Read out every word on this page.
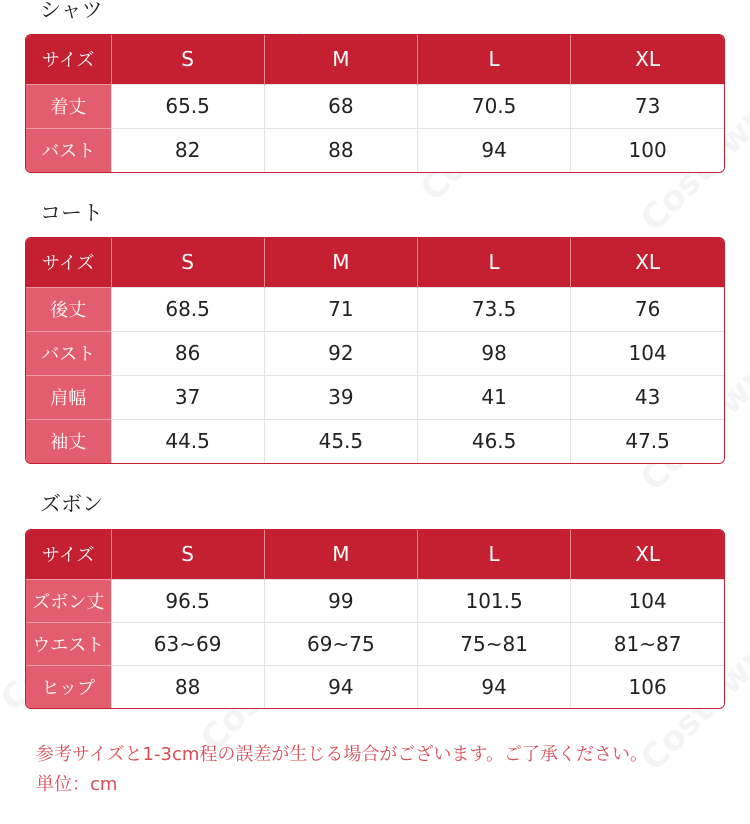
シャツ
サイズ	S	M	L	XL
着丈	65.5	68	70.5	73
バスト	82	88	94	100
コート
サイズ	S	M	L	XL
後丈	68.5	71	73.5	76
バスト	86	92	98	104
肩幅	37	39	41	43
袖丈	44.5	45.5	46.5	47.5
ズボン
サイズ	S	M	L	XL
ズボン丈	96.5	99	101.5	104
ウエスト	63~69	69~75	75~81	81~87
ヒップ	88	94	94	106

参考サイズと1-3cm程の誤差が生じる場合がございます。ご了承ください。

単位：cm
